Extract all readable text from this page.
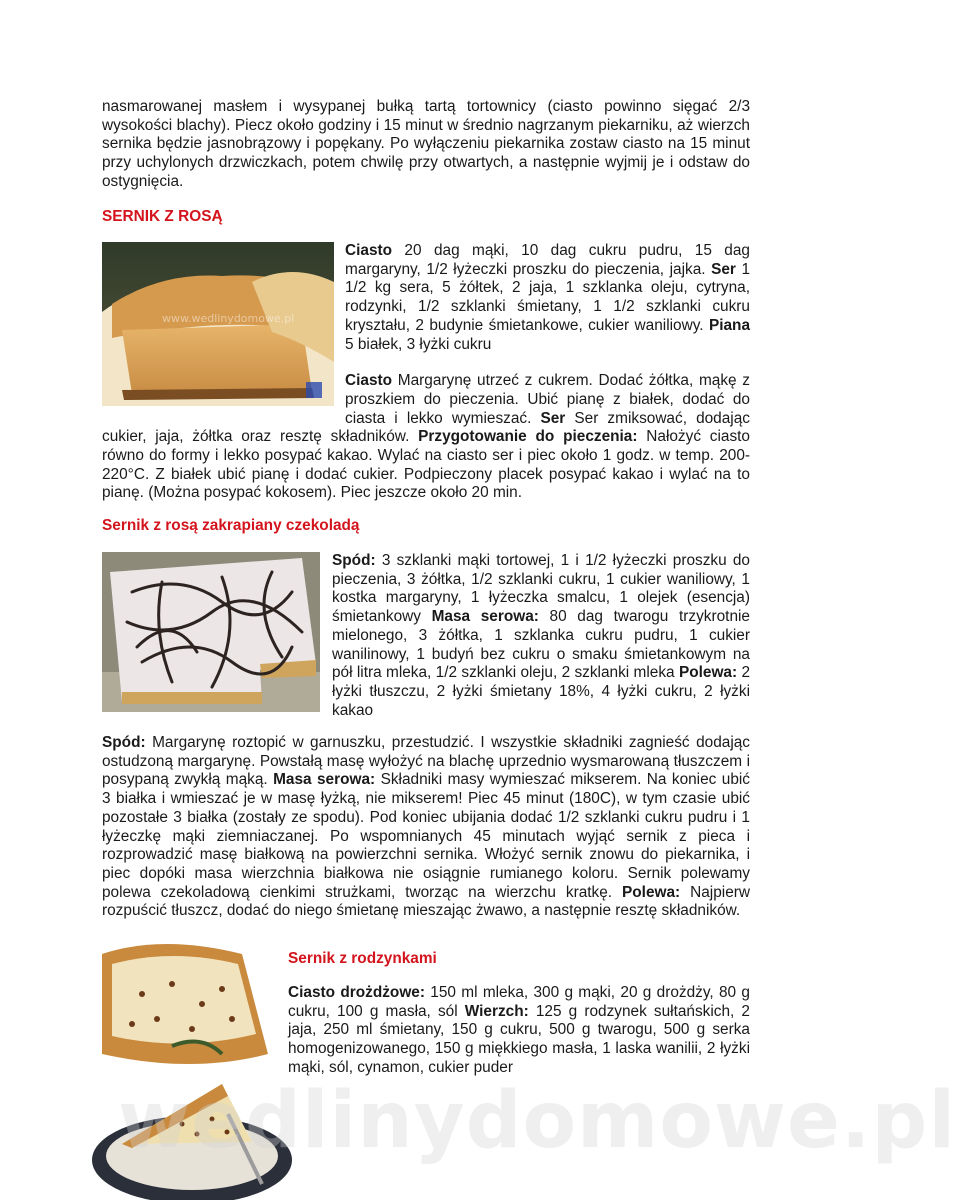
nasmarowanej masłem i wysypanej bułką tartą tortownicy (ciasto powinno sięgać 2/3 wysokości blachy). Piecz około godziny i 15 minut w średnio nagrzanym piekarniku, aż wierzch sernika będzie jasnobrązowy i popękany. Po wyłączeniu piekarnika zostaw ciasto na 15 minut przy uchylonych drzwiczkach, potem chwilę przy otwartych, a następnie wyjmij je i odstaw do ostygnięcia.

SERNIK Z ROSĄ
www.wedlinydomowe.pl
Ciasto 20 dag mąki, 10 dag cukru pudru, 15 dag margaryny, 1/2 łyżeczki proszku do pieczenia, jajka. Ser 1 1/2 kg sera, 5 żółtek, 2 jaja, 1 szklanka oleju, cytryna, rodzynki, 1/2 szklanki śmietany, 1 1/2 szklanki cukru kryształu, 2 budynie śmietankowe, cukier waniliowy. Piana 5 białek, 3 łyżki cukru
Ciasto Margarynę utrzeć z cukrem. Dodać żółtka, mąkę z proszkiem do pieczenia. Ubić pianę z białek, dodać do ciasta i lekko wymieszać. Ser Ser zmiksować, dodając cukier, jaja, żółtka oraz resztę składników. Przygotowanie do pieczenia: Nałożyć ciasto równo do formy i lekko posypać kakao. Wylać na ciasto ser i piec około 1 godz. w temp. 200-220°C. Z białek ubić pianę i dodać cukier. Podpieczony placek posypać kakao i wylać na to pianę. (Można posypać kokosem). Piec jeszcze około 20 min.
Sernik z rosą zakrapiany czekoladą
Spód: 3 szklanki mąki tortowej, 1 i 1/2 łyżeczki proszku do pieczenia, 3 żółtka, 1/2 szklanki cukru, 1 cukier waniliowy, 1 kostka margaryny, 1 łyżeczka smalcu, 1 olejek (esencja) śmietankowy Masa serowa: 80 dag twarogu trzykrotnie mielonego, 3 żółtka, 1 szklanka cukru pudru, 1 cukier wanilinowy, 1 budyń bez cukru o smaku śmietankowym na pół litra mleka, 1/2 szklanki oleju, 2 szklanki mleka Polewa: 2 łyżki tłuszczu, 2 łyżki śmietany 18%, 4 łyżki cukru, 2 łyżki kakao

Spód: Margarynę roztopić w garnuszku, przestudzić. I wszystkie składniki zagnieść dodając ostudzoną margarynę. Powstałą masę wyłożyć na blachę uprzednio wysmarowaną tłuszczem i posypaną zwykłą mąką. Masa serowa: Składniki masy wymieszać mikserem. Na koniec ubić 3 białka i wmieszać je w masę łyżką, nie mikserem! Piec 45 minut (180C), w tym czasie ubić pozostałe 3 białka (zostały ze spodu). Pod koniec ubijania dodać 1/2 szklanki cukru pudru i 1 łyżeczkę mąki ziemniaczanej. Po wspomnianych 45 minutach wyjąć sernik z pieca i rozprowadzić masę białkową na powierzchni sernika. Włożyć sernik znowu do piekarnika, i piec dopóki masa wierzchnia białkowa nie osiągnie rumianego koloru. Sernik polewamy polewa czekoladową cienkimi strużkami, tworząc na wierzchu kratkę. Polewa: Najpierw rozpuścić tłuszcz, dodać do niego śmietanę mieszając żwawo, a następnie resztę składników.

Sernik z rodzynkami

Ciasto drożdżowe: 150 ml mleka, 300 g mąki, 20 g drożdży, 80 g cukru, 100 g masła, sól Wierzch: 125 g rodzynek sułtańskich, 2 jaja, 250 ml śmietany, 150 g cukru, 500 g twarogu, 500 g serka homogenizowanego, 150 g miękkiego masła, 1 laska wanilii, 2 łyżki mąki, sól, cynamon, cukier puder

wedlinydomowe.pl
